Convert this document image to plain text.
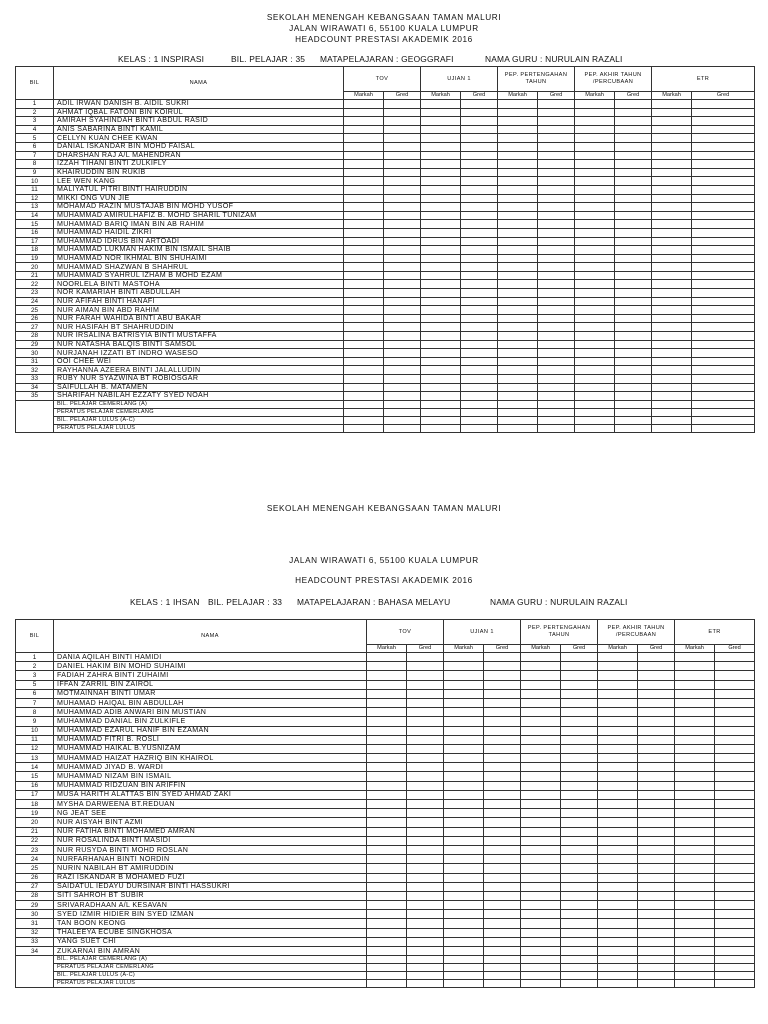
SEKOLAH MENENGAH KEBANGSAAN TAMAN MALURI
JALAN WIRAWATI 6, 55100 KUALA LUMPUR
HEADCOUNT PRESTASI AKADEMIK 2016
KELAS : 1 INSPIRASI	BIL. PELAJAR : 35 MATAPELAJARAN : GEOGGRAFI	NAMA GURU : NURULAIN RAZALI
BIL	NAMA	TOV		UJIAN 1		PEP. PERTENGAHAN TAHUN		PEP. AKHIR TAHUN /PERCUBAAN		ETR	
		Markah	Gred	Markah	Gred	Markah	Gred	Markah	Gred	Markah	Gred
1	ADIL IRWAN DANISH B. AIDIL SUKRI										
2	AHMAT IQBAL FATONI BIN KOIRUL										
3	AMIRAH SYAHINDAH BINTI ABDUL RASID										
4	ANIS SABARINA BINTI KAMIL										
5	CELLYN KUAN CHEE KWAN										
6	DANIAL ISKANDAR BIN MOHD FAISAL										
7	DHARSHAN RAJ A/L MAHENDRAN										
8	IZZAH TIHANI BINTI ZULKIFLY										
9	KHAIRUDDIN BIN RUKIB										
10	LEE WEN KANG										
11	MALIYATUL PITRI BINTI HAIRUDDIN										
12	MIKKI ONG VUN JIE										
13	MOHAMAD RAZIN MUSTAJAB BIN MOHD YUSOF										
14	MUHAMMAD AMIRULHAFIZ B. MOHD SHARIL TUNIZAM										
15	MUHAMMAD BARIQ IMAN BIN AB RAHIM										
16	MUHAMMAD HAIDIL ZIKRI										
17	MUHAMMAD IDRUS BIN ARTOADI										
18	MUHAMMAD LUKMAN HAKIM BIN ISMAIL SHAIB										
19	MUHAMMAD NOR IKHMAL BIN SHUHAIMI										
20	MUHAMMAD SHAZWAN B SHAHRUL										
21	MUHAMMAD SYAHRUL IZHAM B MOHD EZAM										
22	NOORLELA BINTI MASTOHA										
23	NOR KAMARIAH BINTI ABDULLAH										
24	NUR AFIFAH BINTI HANAFI										
25	NUR AIMAN BIN ABD RAHIM										
26	NUR FARAH WAHIDA BINTI ABU BAKAR										
27	NUR HASIFAH BT SHAHRUDDIN										
28	NUR IRSALINA BATRISYIA BINTI MUSTAFFA										
29	NUR NATASHA BALQIS BINTI SAMSOL										
30	NURJANAH IZZATI BT INDRO WASESO										
31	OOI CHEE WEI										
32	RAYHANNA AZEERA BINTI JALALLUDIN										
33	RUBY NUR SYAZWINA BT ROBIOSGAR										
34	SAIFULLAH B. MATAMEN										
35	SHARIFAH NABILAH EZZATY SYED NOAH										
	BIL. PELAJAR CEMERLANG (A)										
	PERATUS PELAJAR CEMERLANG										
	BIL. PELAJAR LULUS (A-C)										
	PERATUS PELAJAR LULUS										
SEKOLAH MENENGAH KEBANGSAAN TAMAN MALURI
JALAN WIRAWATI 6, 55100 KUALA LUMPUR
HEADCOUNT PRESTASI AKADEMIK 2016
KELAS : 1 IHSAN BIL. PELAJAR : 33 MATAPELAJARAN : BAHASA MELAYU	NAMA GURU : NURULAIN RAZALI
BIL	NAMA	TOV		UJIAN 1		PEP. PERTENGAHAN TAHUN		PEP. AKHIR TAHUN /PERCUBAAN		ETR	
		Markah	Gred	Markah	Gred	Markah	Gred	Markah	Gred	Markah	Gred
1	DANIA AQILAH BINTI HAMIDI										
2	DANIEL HAKIM BIN MOHD SUHAIMI										
3	FADIAH ZAHRA BINTI ZUHAIMI										
5	IFFAN ZARRIL BIN ZAIROL										
6	MOTMAINNAH BINTI UMAR										
7	MUHAMAD HAIQAL BIN ABDULLAH										
8	MUHAMMAD ADIB ANWARI BIN MUSTIAN										
9	MUHAMMAD DANIAL BIN ZULKIFLE										
10	MUHAMMAD EZARUL HANIF BIN EZAMAN										
11	MUHAMMAD FITRI B. ROSLI										
12	MUHAMMAD HAIKAL B.YUSNIZAM										
13	MUHAMMAD HAIZAT HAZRIQ BIN KHAIROL										
14	MUHAMMAD JIYAD B. WARDI										
15	MUHAMMAD NIZAM BIN ISMAIL										
16	MUHAMMAD RIDZUAN BIN ARIFFIN										
17	MUSA HARITH ALATTAS BIN SYED AHMAD ZAKI										
18	MYSHA DARWEENA BT.REDUAN										
19	NG JEAT SEE										
20	NUR AISYAH BINT AZMI										
21	NUR FATIHA BINTI MOHAMED AMRAN										
22	NUR ROSALINDA BINTI MASIDI										
23	NUR RUSYDA BINTI MOHD ROSLAN										
24	NURFARHANAH BINTI NORDIN										
25	NURIN NABILAH BT AMIRUDDIN										
26	RAZI ISKANDAR B MOHAMED FUZI										
27	SAIDATUL IEDAYU DURSINAR BINTI HASSUKRI										
28	SITI SAHROH BT SUBIR										
29	SRIVARADHAAN A/L KESAVAN										
30	SYED IZMIR HIDIER BIN SYED IZMAN										
31	TAN BOON KEONG										
32	THALEEYA ECUBE SINGKHOSA										
33	YANG SUET CHI										
34	ZUKARNAI BIN AMRAN										
	BIL. PELAJAR CEMERLANG (A)										
	PERATUS PELAJAR CEMERLANG										
	BIL. PELAJAR LULUS (A-C)										
	PERATUS PELAJAR LULUS										
